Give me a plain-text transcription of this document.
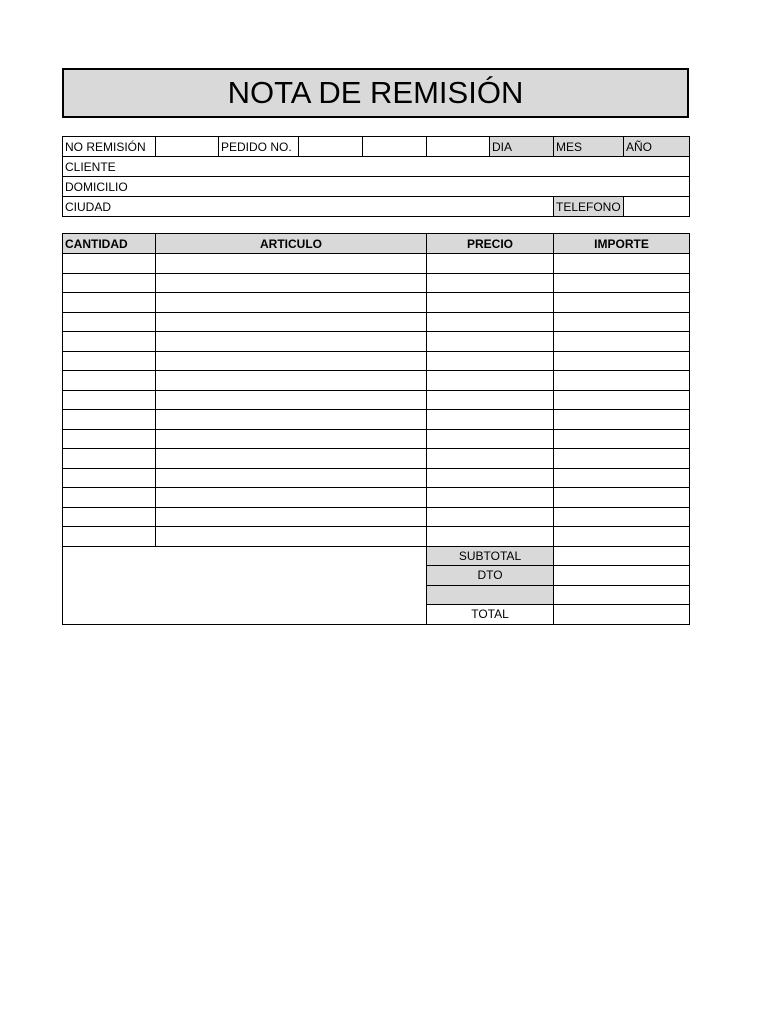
NOTA DE REMISIÓN
NO REMISIÓN		PEDIDO NO.				DIA	MES	AÑO
CLIENTE								
DOMICILIO								
CIUDAD							TELEFONO	
CANTIDAD	ARTICULO	PRECIO	IMPORTE

		SUBTOTAL	
		DTO	

		TOTAL	
